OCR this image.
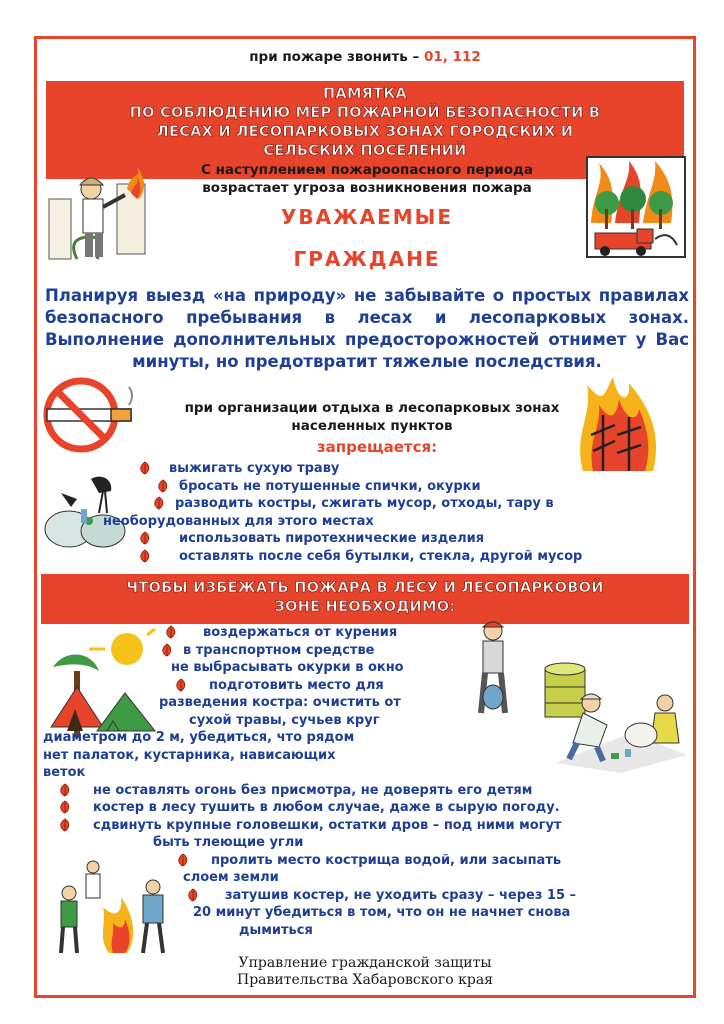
при пожаре звонить – 01, 112
ПАМЯТКА
ПО СОБЛЮДЕНИЮ МЕР ПОЖАРНОЙ БЕЗОПАСНОСТИ В
ЛЕСАХ И ЛЕСОПАРКОВЫХ ЗОНАХ ГОРОДСКИХ И
СЕЛЬСКИХ ПОСЕЛЕНИЙ
С наступлением пожароопасного периода
возрастает угроза возникновения пожара
УВАЖАЕМЫЕ
ГРАЖДАНЕ
Планируя выезд «на природу» не забывайте о простых правилах безопасного пребывания в лесах и лесопарковых зонах. Выполнение дополнительных предосторожностей отнимет у Вас минуты, но предотвратит тяжелые последствия.
при организации отдыха в лесопарковых зонах
населенных пунктов
запрещается:
выжигать сухую траву
бросать не потушенные спички, окурки
разводить костры, сжигать мусор, отходы, тару в
необорудованных для этого местах
использовать пиротехнические изделия
оставлять после себя бутылки, стекла, другой мусор
ЧТОБЫ ИЗБЕЖАТЬ ПОЖАРА В ЛЕСУ И ЛЕСОПАРКОВОЙ
ЗОНЕ НЕОБХОДИМО:
воздержаться от курения
в транспортном средстве
не выбрасывать окурки в окно
подготовить место для
разведения костра: очистить от
сухой травы, сучьев круг
диаметром до 2 м, убедиться, что рядом
нет палаток, кустарника, нависающих
веток
не оставлять огонь без присмотра, не доверять его детям
костер в лесу тушить в любом случае, даже в сырую погоду.
сдвинуть крупные головешки, остатки дров – под ними могут
быть тлеющие угли
пролить место кострища водой, или засыпать
слоем земли
затушив костер, не уходить сразу – через 15 –
20 минут убедиться в том, что он не начнет снова
дымиться
Управление гражданской защиты
Правительства Хабаровского края
